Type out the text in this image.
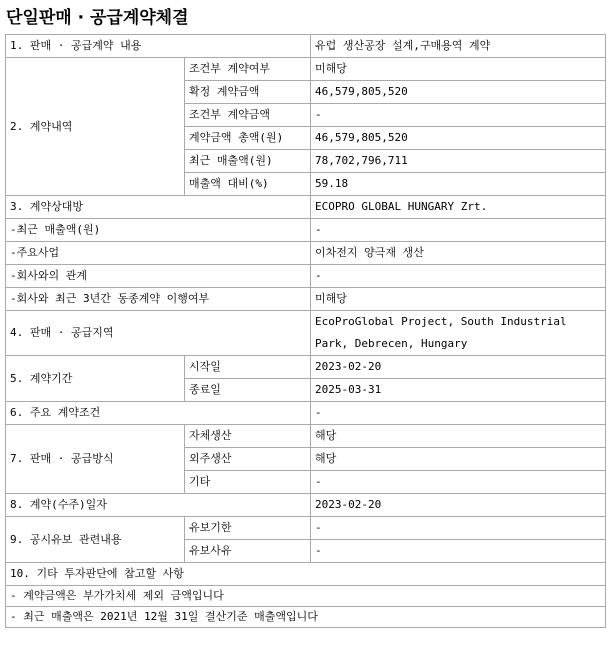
단일판매 · 공급계약체결
1. 판매 · 공급계약 내용		유럽 생산공장 설계,구매용역 계약
2. 계약내역	조건부 계약여부	미해당
	확정 계약금액	46,579,805,520
	조건부 계약금액	-
	계약금액 총액(원)	46,579,805,520
	최근 매출액(원)	78,702,796,711
	매출액 대비(%)	59.18
3. 계약상대방		ECOPRO GLOBAL HUNGARY Zrt.
-최근 매출액(원)		-
-주요사업		이차전지 양극재 생산
-회사와의 관계		-
-회사와 최근 3년간 동종계약 이행여부		미해당
4. 판매 · 공급지역		EcoProGlobal Project, South Industrial Park, Debrecen, Hungary
5. 계약기간	시작일	2023-02-20
	종료일	2025-03-31
6. 주요 계약조건		-
7. 판매 · 공급방식	자체생산	해당
	외주생산	해당
	기타	-
8. 계약(수주)일자		2023-02-20
9. 공시유보 관련내용	유보기한	-
	유보사유	-
10. 기타 투자판단에 참고할 사항		
- 계약금액은 부가가치세 제외 금액입니다		
- 최근 매출액은 2021년 12월 31일 결산기준 매출액입니다		
